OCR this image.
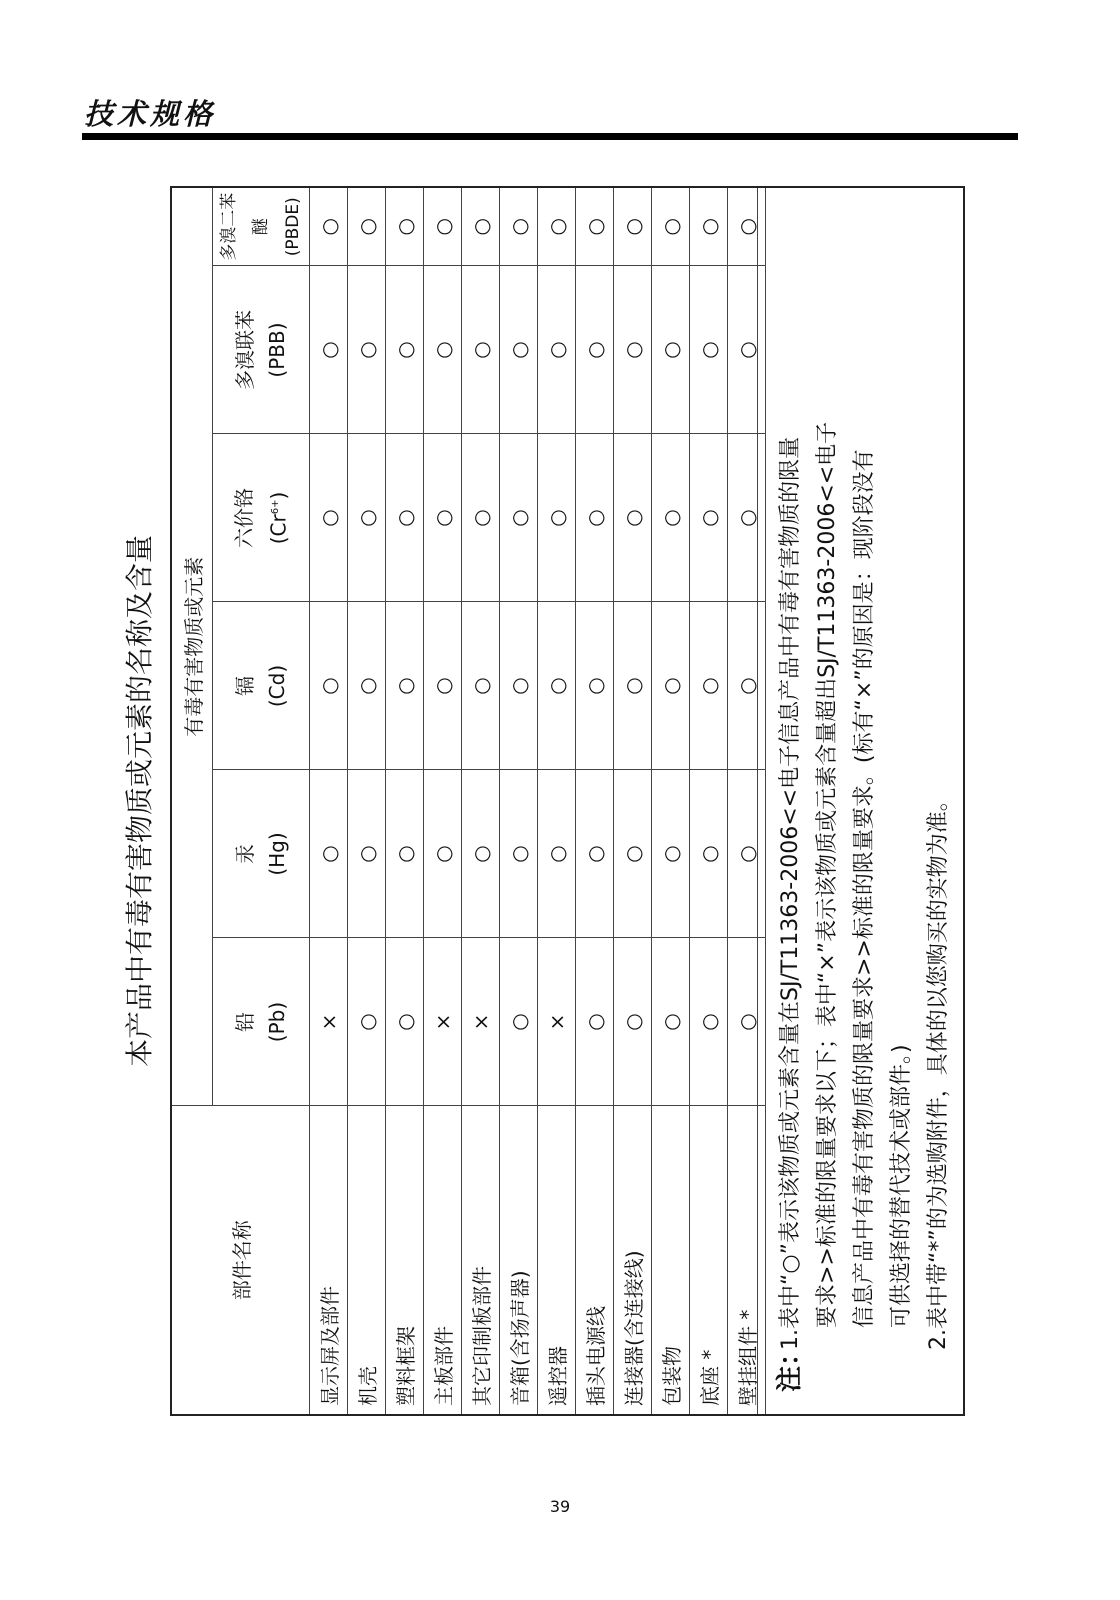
技术规格
本产品中有毒有害物质或元素的名称及含量
部件名称	有毒有害物质或元素					
	铅 (Pb)	汞 (Hg)	镉 (Cd)	六价铬 $(Cr^{6+})$	多溴联苯 (PBB)	多溴二苯醚 (PBDE)
显示屏及部件	×	○	○	○	○	○
机壳	○	○	○	○	○	○
塑料框架	○	○	○	○	○	○
主板部件	×	○	○	○	○	○
其它印制板部件	×	○	○	○	○	○
音箱(含扬声器)	○	○	○	○	○	○
遥控器	×	○	○	○	○	○
插头电源线	○	○	○	○	○	○
连接器(含连接线)	○	○	○	○	○	○
包装物	○	○	○	○	○	○
底座 *	○	○	○	○	○	○
壁挂组件 *	○	○	○	○	○	○
注：
1.表中“○”表示该物质或元素含量在SJ/T11363-2006<<电子信息产品中有毒有害物质的限量 要求>>标准的限量要求以下；表中“×”表示该物质或元素含量超出SJ/T11363-2006<<电子 信息产品中有毒有害物质的限量要求>>标准的限量要求。(标有“×”的原因是：现阶段没有 可供选择的替代技术或部件。) 2.表中带“*”的为选购附件，具体的以您购买的实物为准。
39
